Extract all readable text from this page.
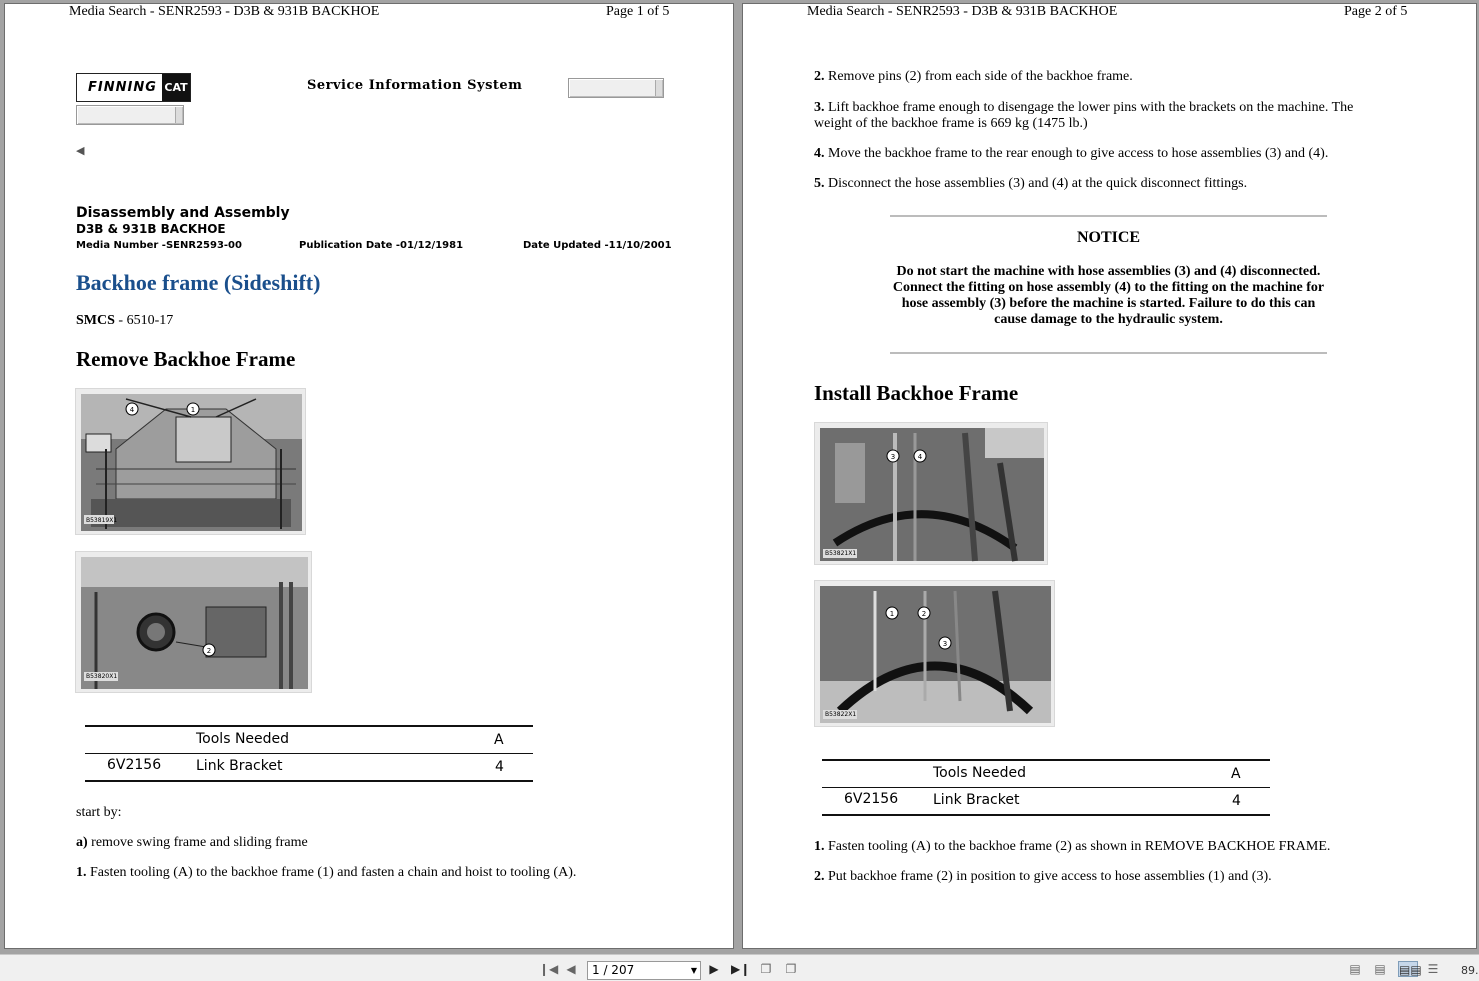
Media Search - SENR2593 - D3B & 931B BACKHOE	Page 1 of 5
FINNING CAT	Service Information System
◀
Disassembly and Assembly
D3B & 931B BACKHOE
Media Number -SENR2593-00	Publication Date -01/12/1981	Date Updated -11/10/2001
Backhoe frame (Sideshift)
SMCS - 6510-17
Remove Backhoe Frame
4	1
B53819X1
2
B53820X1
Tools Needed	A
6V2156 Link Bracket	4
start by:
a) remove swing frame and sliding frame
1. Fasten tooling (A) to the backhoe frame (1) and fasten a chain and hoist to tooling (A).
Media Search - SENR2593 - D3B & 931B BACKHOE	Page 2 of 5
2. Remove pins (2) from each side of the backhoe frame.
3. Lift backhoe frame enough to disengage the lower pins with the brackets on the machine. The weight of the backhoe frame is 669 kg (1475 lb.)
4. Move the backhoe frame to the rear enough to give access to hose assemblies (3) and (4).
5. Disconnect the hose assemblies (3) and (4) at the quick disconnect fittings.
NOTICE
Do not start the machine with hose assemblies (3) and (4) disconnected. Connect the fitting on hose assembly (4) to the fitting on the machine for hose assembly (3) before the machine is started. Failure to do this can cause damage to the hydraulic system.
Install Backhoe Frame
3	4
B53821X1
1	2
3
B53822X1
Tools Needed	A
6V2156 Link Bracket	4
1. Fasten tooling (A) to the backhoe frame (2) as shown in REMOVE BACKHOE FRAME.
2. Put backhoe frame (2) in position to give access to hose assemblies (1) and (3).
❙◀ ◀	1 / 207	▼ ▶ ▶❙ ❐ ❐	▤ ▤ ▤▤ ☰ 89.
